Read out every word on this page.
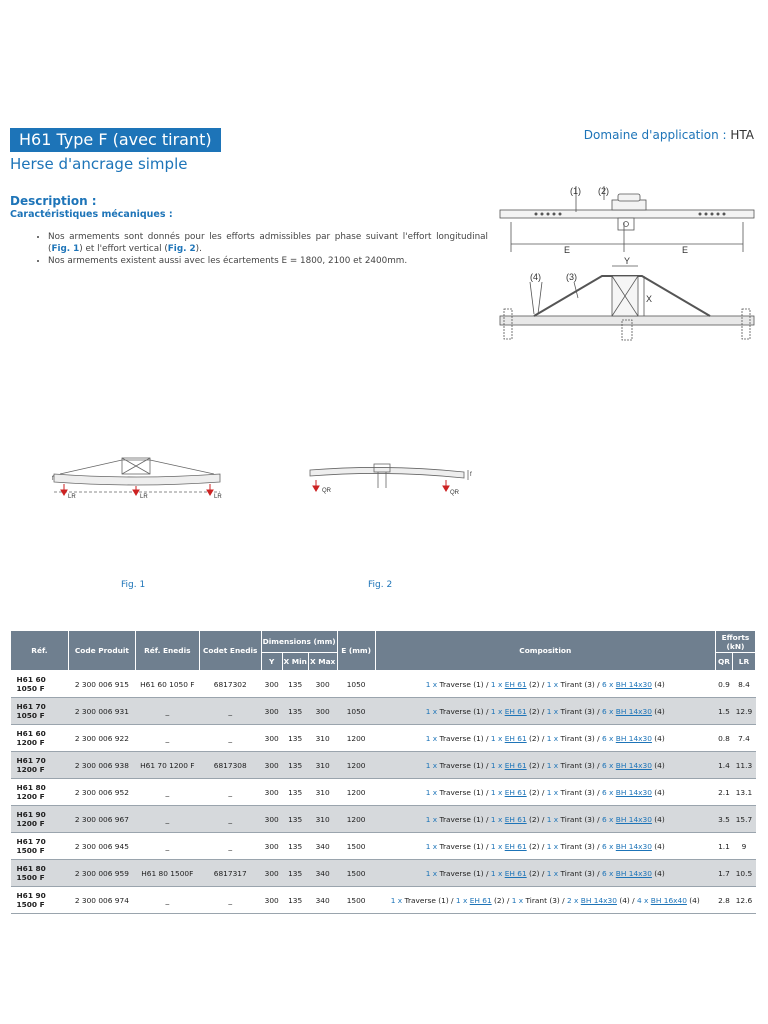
H61 Type F (avec tirant)
Herse d'ancrage simple
Domaine d'application : HTA
Description :
Caractéristiques mécaniques :
• Nos armements sont donnés pour les efforts admissibles par phase suivant l'effort longitudinal (Fig. 1) et l'effort vertical (Fig. 2).
• Nos armements existent aussi avec les écartements E = 1800, 2100 et 2400mm.
(1) (2)
E	E
Y
(4)	(3)
X
f
LR	LR	LR
Fig. 1
QR	QR
f
Fig. 2
Réf.	Code Produit	Réf. Enedis	Codet Enedis	Dimensions (mm)			E (mm)	Composition	Efforts (kN)	
				Y	X Min	X Max			QR	LR
H61 60 1050 F	2 300 006 915	H61 60 1050 F	6817302	300	135	300	1050	1 x Traverse (1) / 1 x EH 61 (2) / 1 x Tirant (3) / 6 x BH 14x30 (4)	0.9	8.4
H61 70 1050 F	2 300 006 931	_	_	300	135	300	1050	1 x Traverse (1) / 1 x EH 61 (2) / 1 x Tirant (3) / 6 x BH 14x30 (4)	1.5	12.9
H61 60 1200 F	2 300 006 922	_	_	300	135	310	1200	1 x Traverse (1) / 1 x EH 61 (2) / 1 x Tirant (3) / 6 x BH 14x30 (4)	0.8	7.4
H61 70 1200 F	2 300 006 938	H61 70 1200 F	6817308	300	135	310	1200	1 x Traverse (1) / 1 x EH 61 (2) / 1 x Tirant (3) / 6 x BH 14x30 (4)	1.4	11.3
H61 80 1200 F	2 300 006 952	_	_	300	135	310	1200	1 x Traverse (1) / 1 x EH 61 (2) / 1 x Tirant (3) / 6 x BH 14x30 (4)	2.1	13.1
H61 90 1200 F	2 300 006 967	_	_	300	135	310	1200	1 x Traverse (1) / 1 x EH 61 (2) / 1 x Tirant (3) / 6 x BH 14x30 (4)	3.5	15.7
H61 70 1500 F	2 300 006 945	_	_	300	135	340	1500	1 x Traverse (1) / 1 x EH 61 (2) / 1 x Tirant (3) / 6 x BH 14x30 (4)	1.1	9
H61 80 1500 F	2 300 006 959	H61 80 1500F	6817317	300	135	340	1500	1 x Traverse (1) / 1 x EH 61 (2) / 1 x Tirant (3) / 6 x BH 14x30 (4)	1.7	10.5
H61 90 1500 F	2 300 006 974	_	_	300	135	340	1500	1 x Traverse (1) / 1 x EH 61 (2) / 1 x Tirant (3) / 2 x BH 14x30 (4) / 4 x BH 16x40 (4)	2.8	12.6
